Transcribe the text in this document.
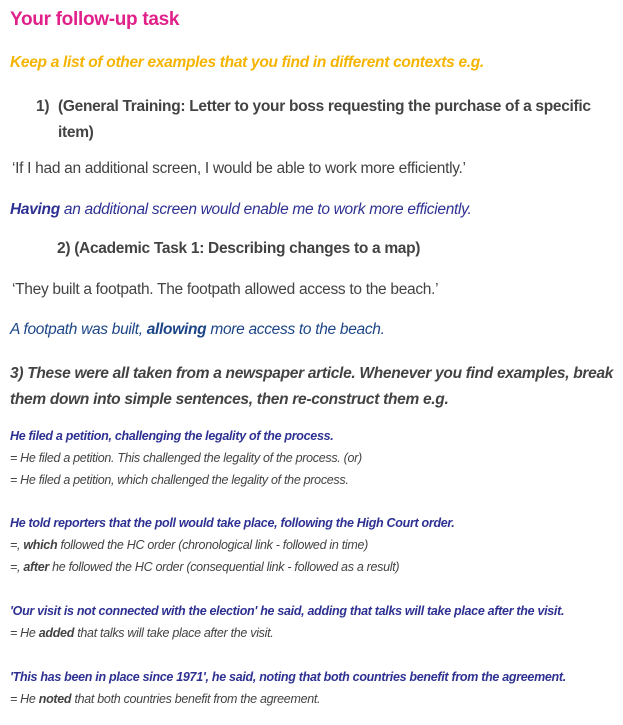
Your follow-up task
Keep a list of other examples that you find in different contexts e.g.
1) (General Training: Letter to your boss requesting the purchase of a specific
item)
‘If I had an additional screen, I would be able to work more efficiently.’
Having an additional screen would enable me to work more efficiently.
2) (Academic Task 1: Describing changes to a map)
‘They built a footpath. The footpath allowed access to the beach.’
A footpath was built, allowing more access to the beach.
3) These were all taken from a newspaper article. Whenever you find examples, break
them down into simple sentences, then re-construct them e.g.
He filed a petition, challenging the legality of the process.
= He filed a petition. This challenged the legality of the process. (or)
= He filed a petition, which challenged the legality of the process.
He told reporters that the poll would take place, following the High Court order.
=, which followed the HC order (chronological link - followed in time)
=, after he followed the HC order (consequential link - followed as a result)
'Our visit is not connected with the election' he said, adding that talks will take place after the visit.
= He added that talks will take place after the visit.
'This has been in place since 1971', he said, noting that both countries benefit from the agreement.
= He noted that both countries benefit from the agreement.
